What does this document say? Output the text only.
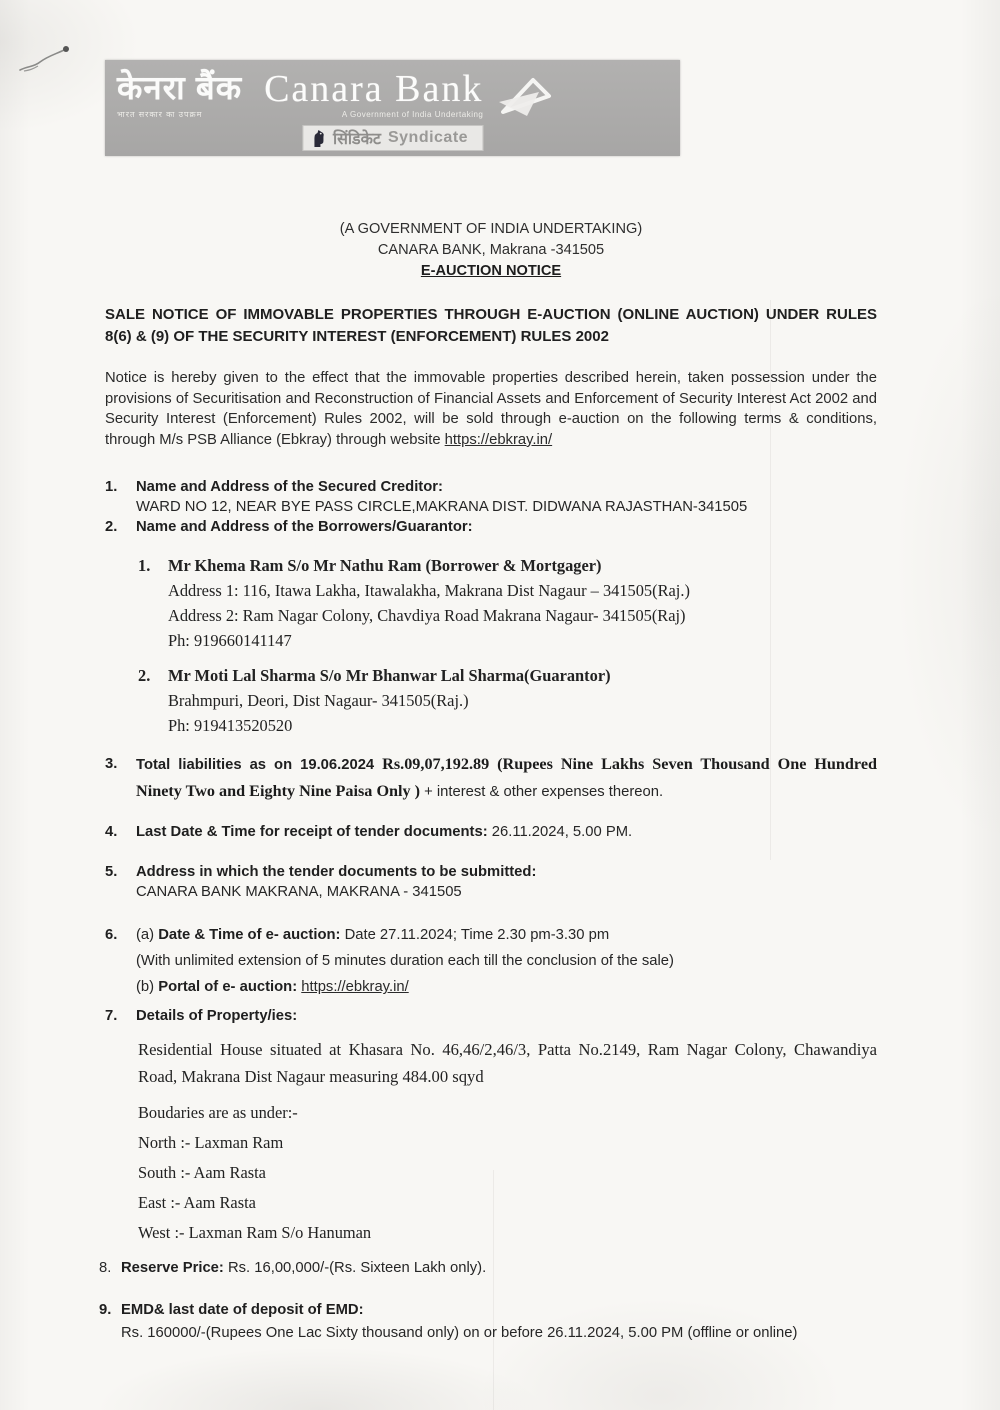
केनरा बैंक
भारत सरकार का उपक्रम
Canara Bank
A Government of India Undertaking
सिंडिकेट Syndicate
(A GOVERNMENT OF INDIA UNDERTAKING)
CANARA BANK, Makrana -341505
E-AUCTION NOTICE
SALE NOTICE OF IMMOVABLE PROPERTIES THROUGH E-AUCTION (ONLINE AUCTION) UNDER RULES 8(6) & (9) OF THE SECURITY INTEREST (ENFORCEMENT) RULES 2002
Notice is hereby given to the effect that the immovable properties described herein, taken possession under the provisions of Securitisation and Reconstruction of Financial Assets and Enforcement of Security Interest Act 2002 and Security Interest (Enforcement) Rules 2002, will be sold through e-auction on the following terms & conditions, through M/s PSB Alliance (Ebkray) through website https://ebkray.in/
1.	Name and Address of the Secured Creditor:
WARD NO 12, NEAR BYE PASS CIRCLE,MAKRANA DIST. DIDWANA RAJASTHAN-341505
2.	Name and Address of the Borrowers/Guarantor:
1.	Mr Khema Ram S/o Mr Nathu Ram (Borrower & Mortgager)
Address 1: 116, Itawa Lakha, Itawalakha, Makrana Dist Nagaur – 341505(Raj.)
Address 2: Ram Nagar Colony, Chavdiya Road Makrana Nagaur- 341505(Raj)
Ph: 919660141147
2.	Mr Moti Lal Sharma S/o Mr Bhanwar Lal Sharma(Guarantor)
Brahmpuri, Deori, Dist Nagaur- 341505(Raj.)
Ph: 919413520520
3.	Total liabilities as on 19.06.2024 Rs.09,07,192.89 (Rupees Nine Lakhs Seven Thousand One Hundred Ninety Two and Eighty Nine Paisa Only ) + interest & other expenses thereon.
4.	Last Date & Time for receipt of tender documents: 26.11.2024, 5.00 PM.
5.	Address in which the tender documents to be submitted:
CANARA BANK MAKRANA, MAKRANA - 341505
6.	(a) Date & Time of e- auction: Date 27.11.2024; Time 2.30 pm-3.30 pm
(With unlimited extension of 5 minutes duration each till the conclusion of the sale)
(b) Portal of e- auction: https://ebkray.in/
7.	Details of Property/ies:
Residential House situated at Khasara No. 46,46/2,46/3, Patta No.2149, Ram Nagar Colony, Chawandiya Road, Makrana Dist Nagaur measuring 484.00 sqyd
Boudaries are as under:-
North :- Laxman Ram
South :- Aam Rasta
East :- Aam Rasta
West :- Laxman Ram S/o Hanuman
8. Reserve Price: Rs. 16,00,000/-(Rs. Sixteen Lakh only).
9. EMD& last date of deposit of EMD:
Rs. 160000/-(Rupees One Lac Sixty thousand only) on or before 26.11.2024, 5.00 PM (offline or online)
